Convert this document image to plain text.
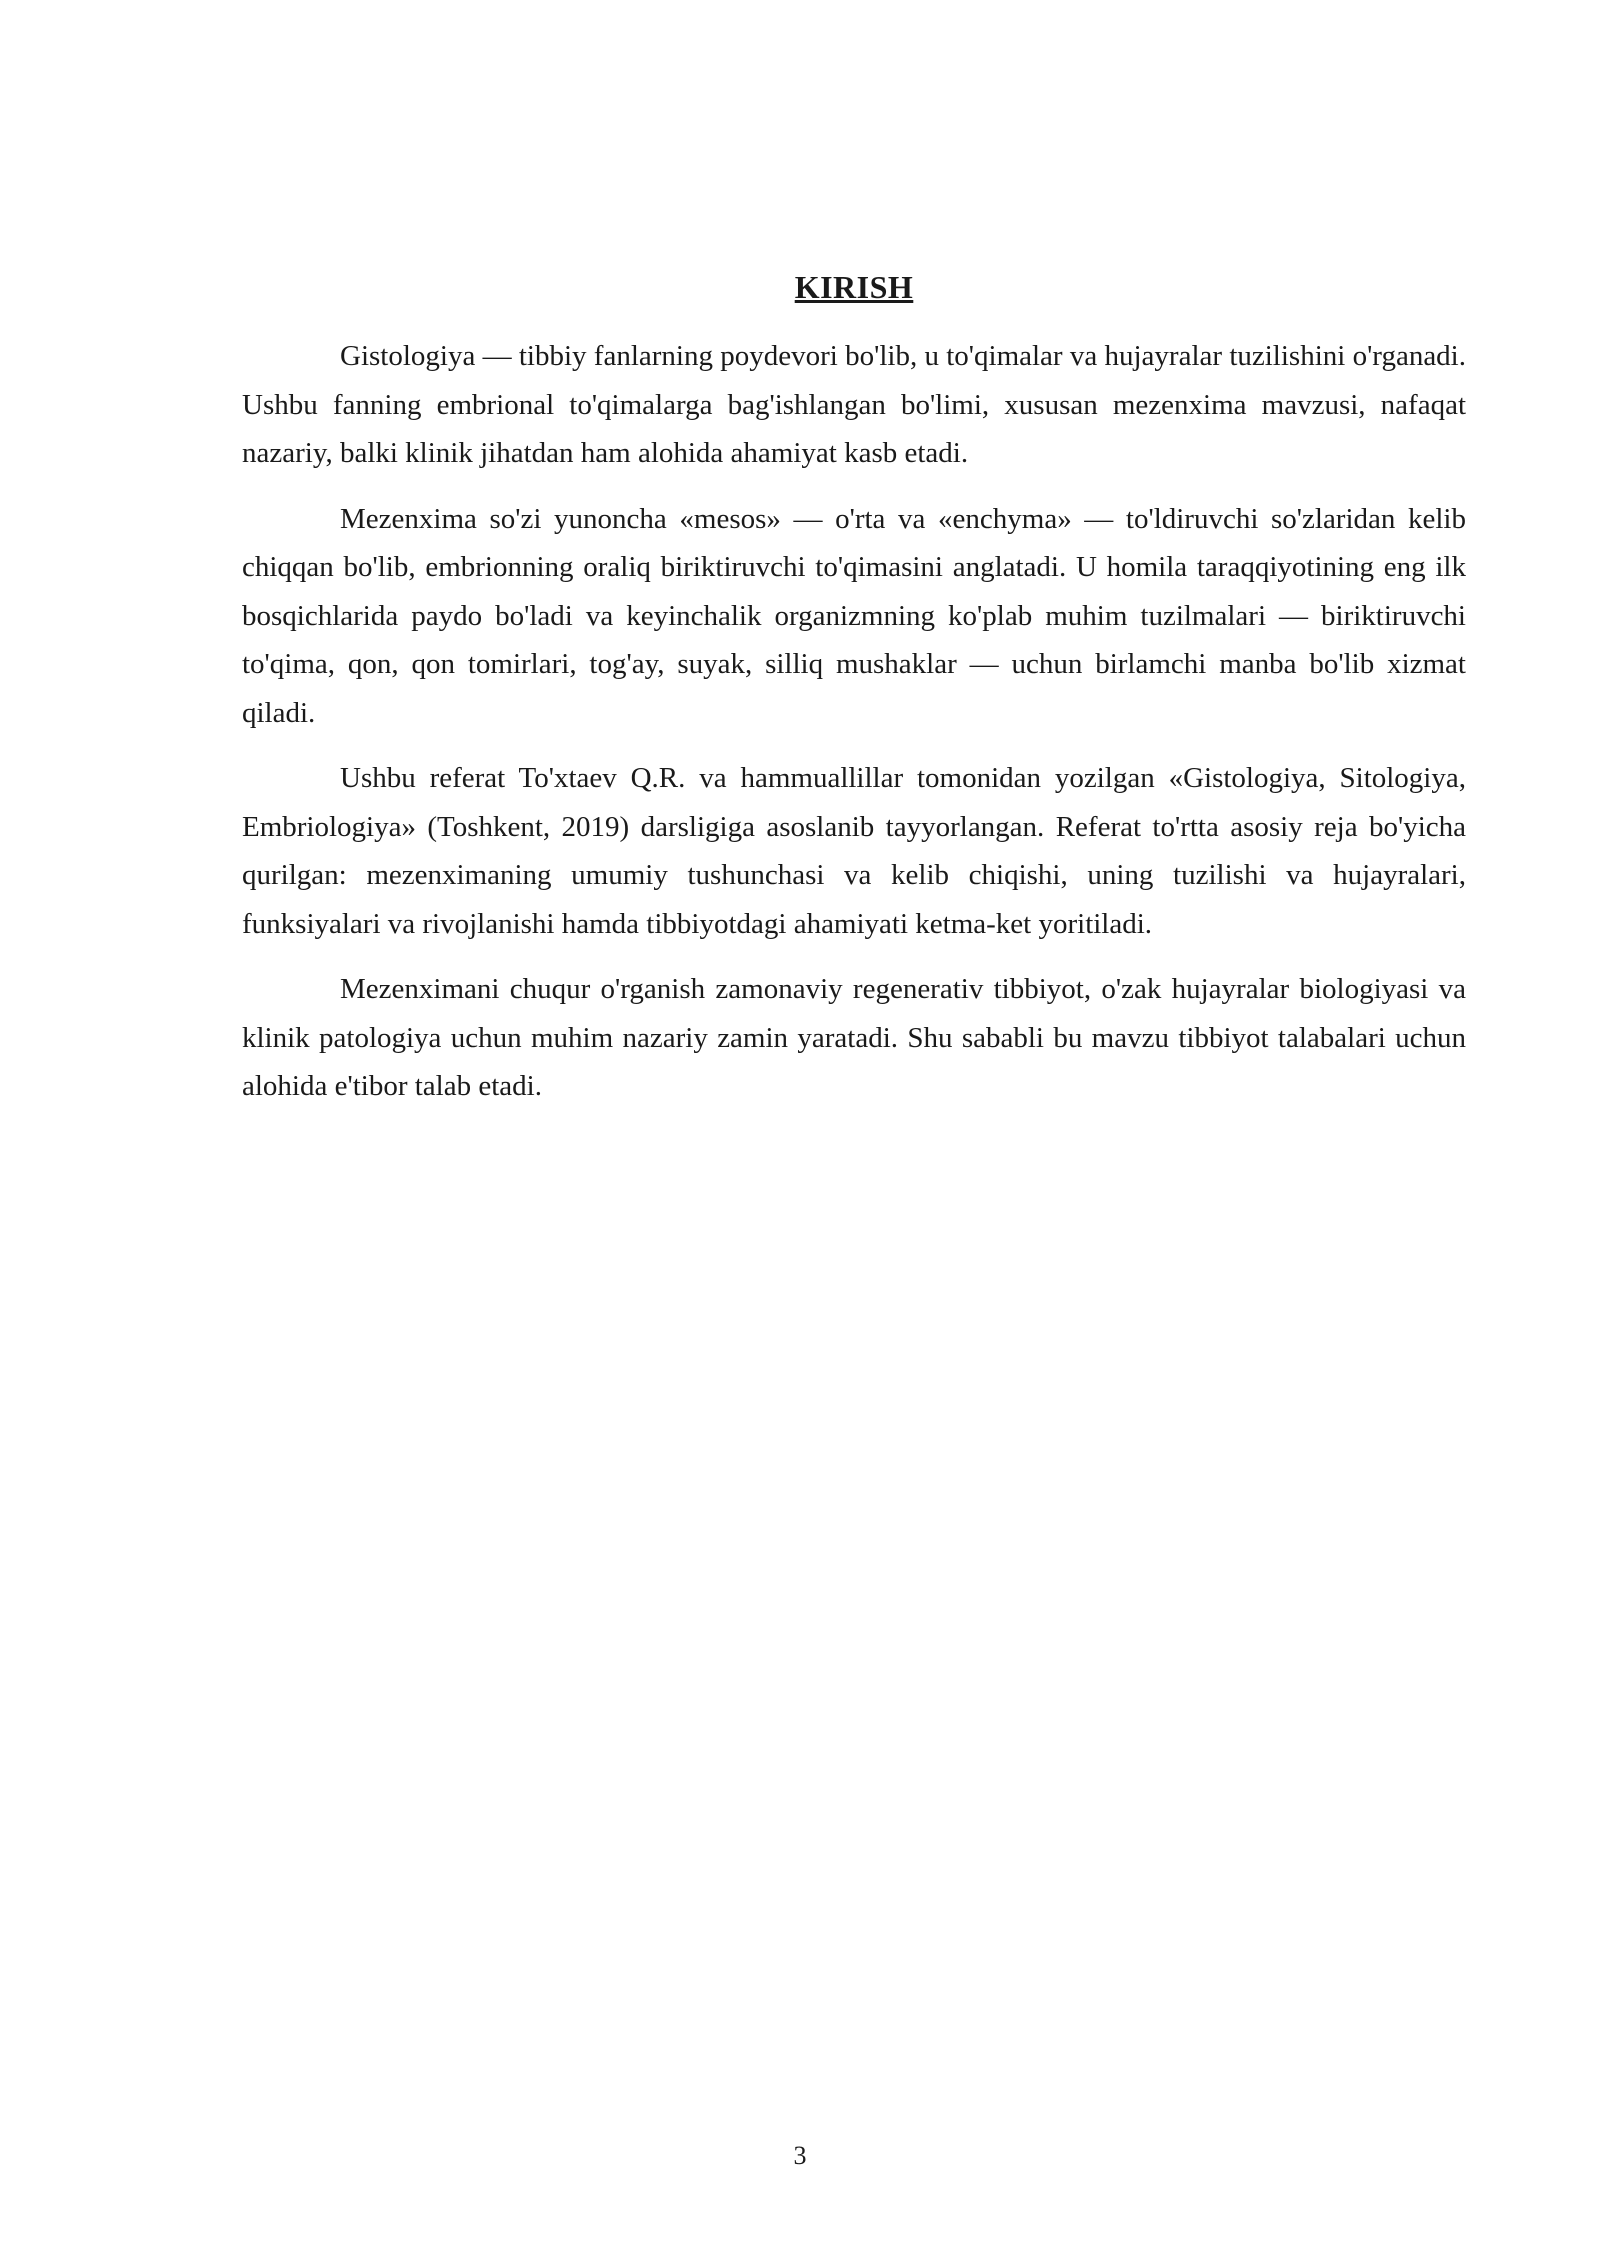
KIRISH

Gistologiya — tibbiy fanlarning poydevori bo'lib, u to'qimalar va hujayralar tuzilishini o'rganadi. Ushbu fanning embrional to'qimalarga bag'ishlangan bo'limi, xususan mezenxima mavzusi, nafaqat nazariy, balki klinik jihatdan ham alohida ahamiyat kasb etadi.

Mezenxima so'zi yunoncha «mesos» — o'rta va «enchyma» — to'ldiruvchi so'zlaridan kelib chiqqan bo'lib, embrionning oraliq biriktiruvchi to'qimasini anglatadi. U homila taraqqiyotining eng ilk bosqichlarida paydo bo'ladi va keyinchalik organizmning ko'plab muhim tuzilmalari — biriktiruvchi to'qima, qon, qon tomirlari, tog'ay, suyak, silliq mushaklar — uchun birlamchi manba bo'lib xizmat qiladi.

Ushbu referat To'xtaev Q.R. va hammuallillar tomonidan yozilgan «Gistologiya, Sitologiya, Embriologiya» (Toshkent, 2019) darsligiga asoslanib tayyorlangan. Referat to'rtta asosiy reja bo'yicha qurilgan: mezenximaning umumiy tushunchasi va kelib chiqishi, uning tuzilishi va hujayralari, funksiyalari va rivojlanishi hamda tibbiyotdagi ahamiyati ketma-ket yoritiladi.

Mezenximani chuqur o'rganish zamonaviy regenerativ tibbiyot, o'zak hujayralar biologiyasi va klinik patologiya uchun muhim nazariy zamin yaratadi. Shu sababli bu mavzu tibbiyot talabalari uchun alohida e'tibor talab etadi.

3
